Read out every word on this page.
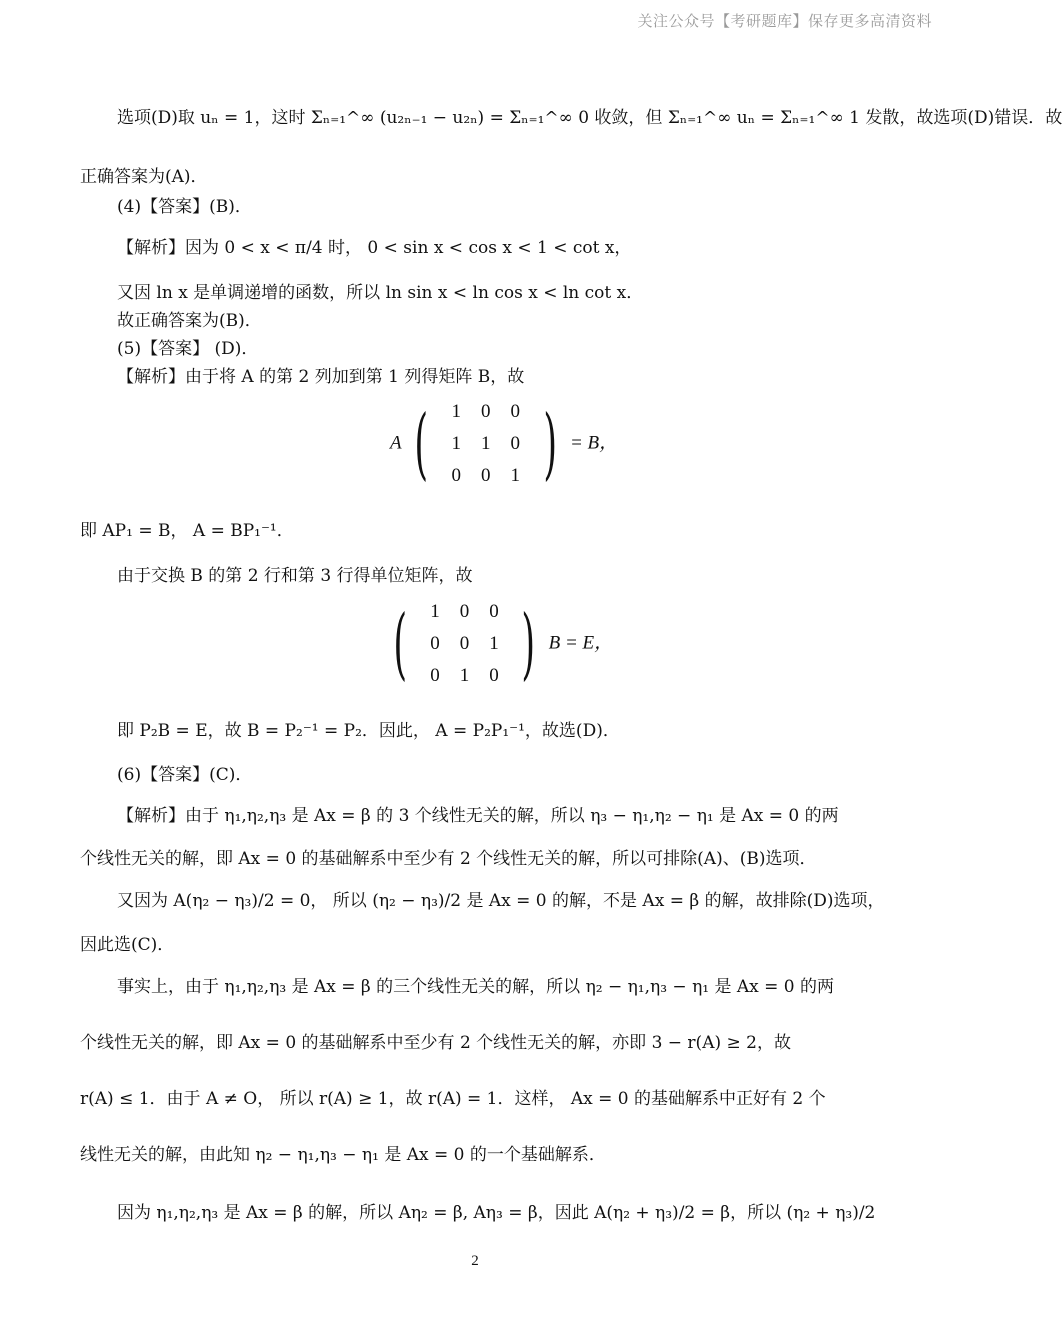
关注公众号【考研题库】保存更多高清资料
选项(D)取 uₙ = 1，这时 Σₙ₌₁^∞ (u₂ₙ₋₁ − u₂ₙ) = Σₙ₌₁^∞ 0 收敛，但 Σₙ₌₁^∞ uₙ = Σₙ₌₁^∞ 1 发散，故选项(D)错误．故
正确答案为(A)．
(4)【答案】(B)．
【解析】因为 0 < x < π/4 时， 0 < sin x < cos x < 1 < cot x，
又因 ln x 是单调递增的函数，所以 ln sin x < ln cos x < ln cot x．
故正确答案为(B)．
(5)【答案】 (D)．
【解析】由于将 A 的第 2 列加到第 1 列得矩阵 B，故
A ( 1	0	0
1	1	0
0	0	1 ) = B，
即 AP₁ = B， A = BP₁⁻¹．
由于交换 B 的第 2 行和第 3 行得单位矩阵，故
( 1	0	0
0	0	1
0	1	0 ) B = E，
即 P₂B = E，故 B = P₂⁻¹ = P₂．因此， A = P₂P₁⁻¹，故选(D)．
(6)【答案】(C)．
【解析】由于 η₁,η₂,η₃ 是 Ax = β 的 3 个线性无关的解，所以 η₃ − η₁,η₂ − η₁ 是 Ax = 0 的两
个线性无关的解，即 Ax = 0 的基础解系中至少有 2 个线性无关的解，所以可排除(A)、(B)选项．
又因为 A(η₂ − η₃)/2 = 0， 所以 (η₂ − η₃)/2 是 Ax = 0 的解，不是 Ax = β 的解，故排除(D)选项，
因此选(C)．
事实上，由于 η₁,η₂,η₃ 是 Ax = β 的三个线性无关的解，所以 η₂ − η₁,η₃ − η₁ 是 Ax = 0 的两
个线性无关的解，即 Ax = 0 的基础解系中至少有 2 个线性无关的解，亦即 3 − r(A) ≥ 2，故
r(A) ≤ 1．由于 A ≠ O， 所以 r(A) ≥ 1，故 r(A) = 1．这样， Ax = 0 的基础解系中正好有 2 个
线性无关的解，由此知 η₂ − η₁,η₃ − η₁ 是 Ax = 0 的一个基础解系．
因为 η₁,η₂,η₃ 是 Ax = β 的解，所以 Aη₂ = β, Aη₃ = β，因此 A(η₂ + η₃)/2 = β，所以 (η₂ + η₃)/2
2
